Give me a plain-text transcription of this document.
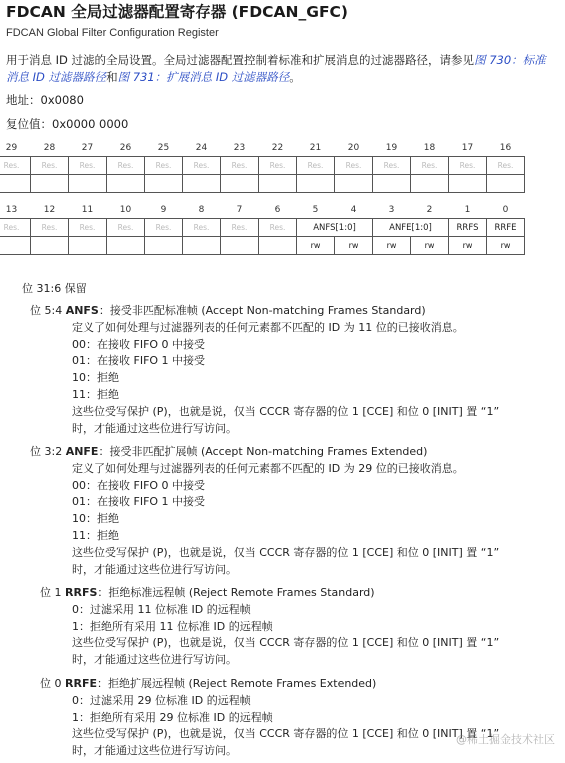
FDCAN 全局过滤器配置寄存器 (FDCAN_GFC)
FDCAN Global Filter Configuration Register
用于消息 ID 过滤的全局设置。全局过滤器配置控制着标准和扩展消息的过滤器路径，请参见图 730：标准消息 ID 过滤器路径和图 731：扩展消息 ID 过滤器路径。
地址：0x0080
复位值：0x0000 0000
29	28	27	26	25	24	23	22	21	20	19	18	17	16
Res.	Res.	Res.	Res.	Res.	Res.	Res.	Res.	Res.	Res.	Res.	Res.	Res.	Res.

13	12	11	10	9	8	7	6	5	4	3	2	1	0
Res.	Res.	Res.	Res.	Res.	Res.	Res.	Res.	ANFS[1:0]		ANFE[1:0]		RRFS	RRFE
								rw	rw	rw	rw	rw	rw
位 31:6 保留
位 5:4 ANFS：接受非匹配标准帧 (Accept Non-matching Frames Standard)
定义了如何处理与过滤器列表的任何元素都不匹配的 ID 为 11 位的已接收消息。
00：在接收 FIFO 0 中接受
01：在接收 FIFO 1 中接受
10：拒绝
11：拒绝
这些位受写保护 (P)，也就是说，仅当 CCCR 寄存器的位 1 [CCE] 和位 0 [INIT] 置 “1”
时，才能通过这些位进行写访问。
位 3:2 ANFE：接受非匹配扩展帧 (Accept Non-matching Frames Extended)
定义了如何处理与过滤器列表的任何元素都不匹配的 ID 为 29 位的已接收消息。
00：在接收 FIFO 0 中接受
01：在接收 FIFO 1 中接受
10：拒绝
11：拒绝
这些位受写保护 (P)，也就是说，仅当 CCCR 寄存器的位 1 [CCE] 和位 0 [INIT] 置 “1”
时，才能通过这些位进行写访问。
位 1 RRFS：拒绝标准远程帧 (Reject Remote Frames Standard)
0：过滤采用 11 位标准 ID 的远程帧
1：拒绝所有采用 11 位标准 ID 的远程帧
这些位受写保护 (P)，也就是说，仅当 CCCR 寄存器的位 1 [CCE] 和位 0 [INIT] 置 “1”
时，才能通过这些位进行写访问。
位 0 RRFE：拒绝扩展远程帧 (Reject Remote Frames Extended)
0：过滤采用 29 位标准 ID 的远程帧
1：拒绝所有采用 29 位标准 ID 的远程帧
这些位受写保护 (P)，也就是说，仅当 CCCR 寄存器的位 1 [CCE] 和位 0 [INIT] 置 “1”
时，才能通过这些位进行写访问。
@稀土掘金技术社区
